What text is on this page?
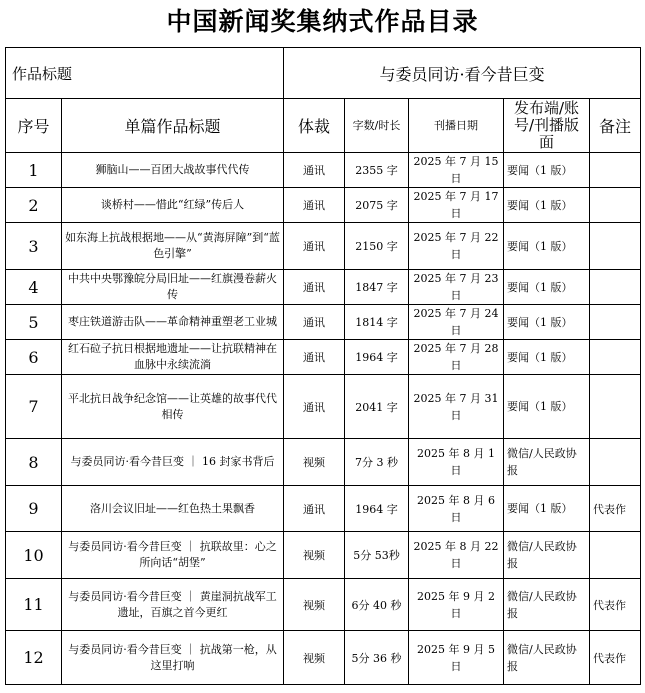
中国新闻奖集纳式作品目录
作品标题		与委员同访·看今昔巨变				
序号	单篇作品标题	体裁	字数/时长	刊播日期	发布端/账号/刊播版面	备注
1	狮脑山——百团大战故事代代传	通讯	2355 字	2025 年 7 月 15 日	要闻（1 版）	
2	谈桥村——惜此“红绿”传后人	通讯	2075 字	2025 年 7 月 17 日	要闻（1 版）	
3	如东海上抗战根据地——从“黄海屏障”到“蓝色引擎”	通讯	2150 字	2025 年 7 月 22 日	要闻（1 版）	
4	中共中央鄂豫皖分局旧址——红旗漫卷薪火传	通讯	1847 字	2025 年 7 月 23 日	要闻（1 版）	
5	枣庄铁道游击队——革命精神重塑老工业城	通讯	1814 字	2025 年 7 月 24 日	要闻（1 版）	
6	红石砬子抗日根据地遗址——让抗联精神在血脉中永续流淌	通讯	1964 字	2025 年 7 月 28 日	要闻（1 版）	
7	平北抗日战争纪念馆——让英雄的故事代代相传	通讯	2041 字	2025 年 7 月 31 日	要闻（1 版）	
8	与委员同访·看今昔巨变 ｜ 16 封家书背后	视频	7分 3 秒	2025 年 8 月 1 日	微信/人民政协报	
9	洛川会议旧址——红色热土果飘香	通讯	1964 字	2025 年 8 月 6 日	要闻（1 版）	代表作
10	与委员同访·看今昔巨变 ｜ 抗联故里：心之所向话“胡堡”	视频	5分 53秒	2025 年 8 月 22 日	微信/人民政协报	
11	与委员同访·看今昔巨变 ｜ 黄崖洞抗战军工遗址，百旗之首今更红	视频	6分 40 秒	2025 年 9 月 2 日	微信/人民政协报	代表作
12	与委员同访·看今昔巨变 ｜ 抗战第一枪，从这里打响	视频	5分 36 秒	2025 年 9 月 5 日	微信/人民政协报	代表作
